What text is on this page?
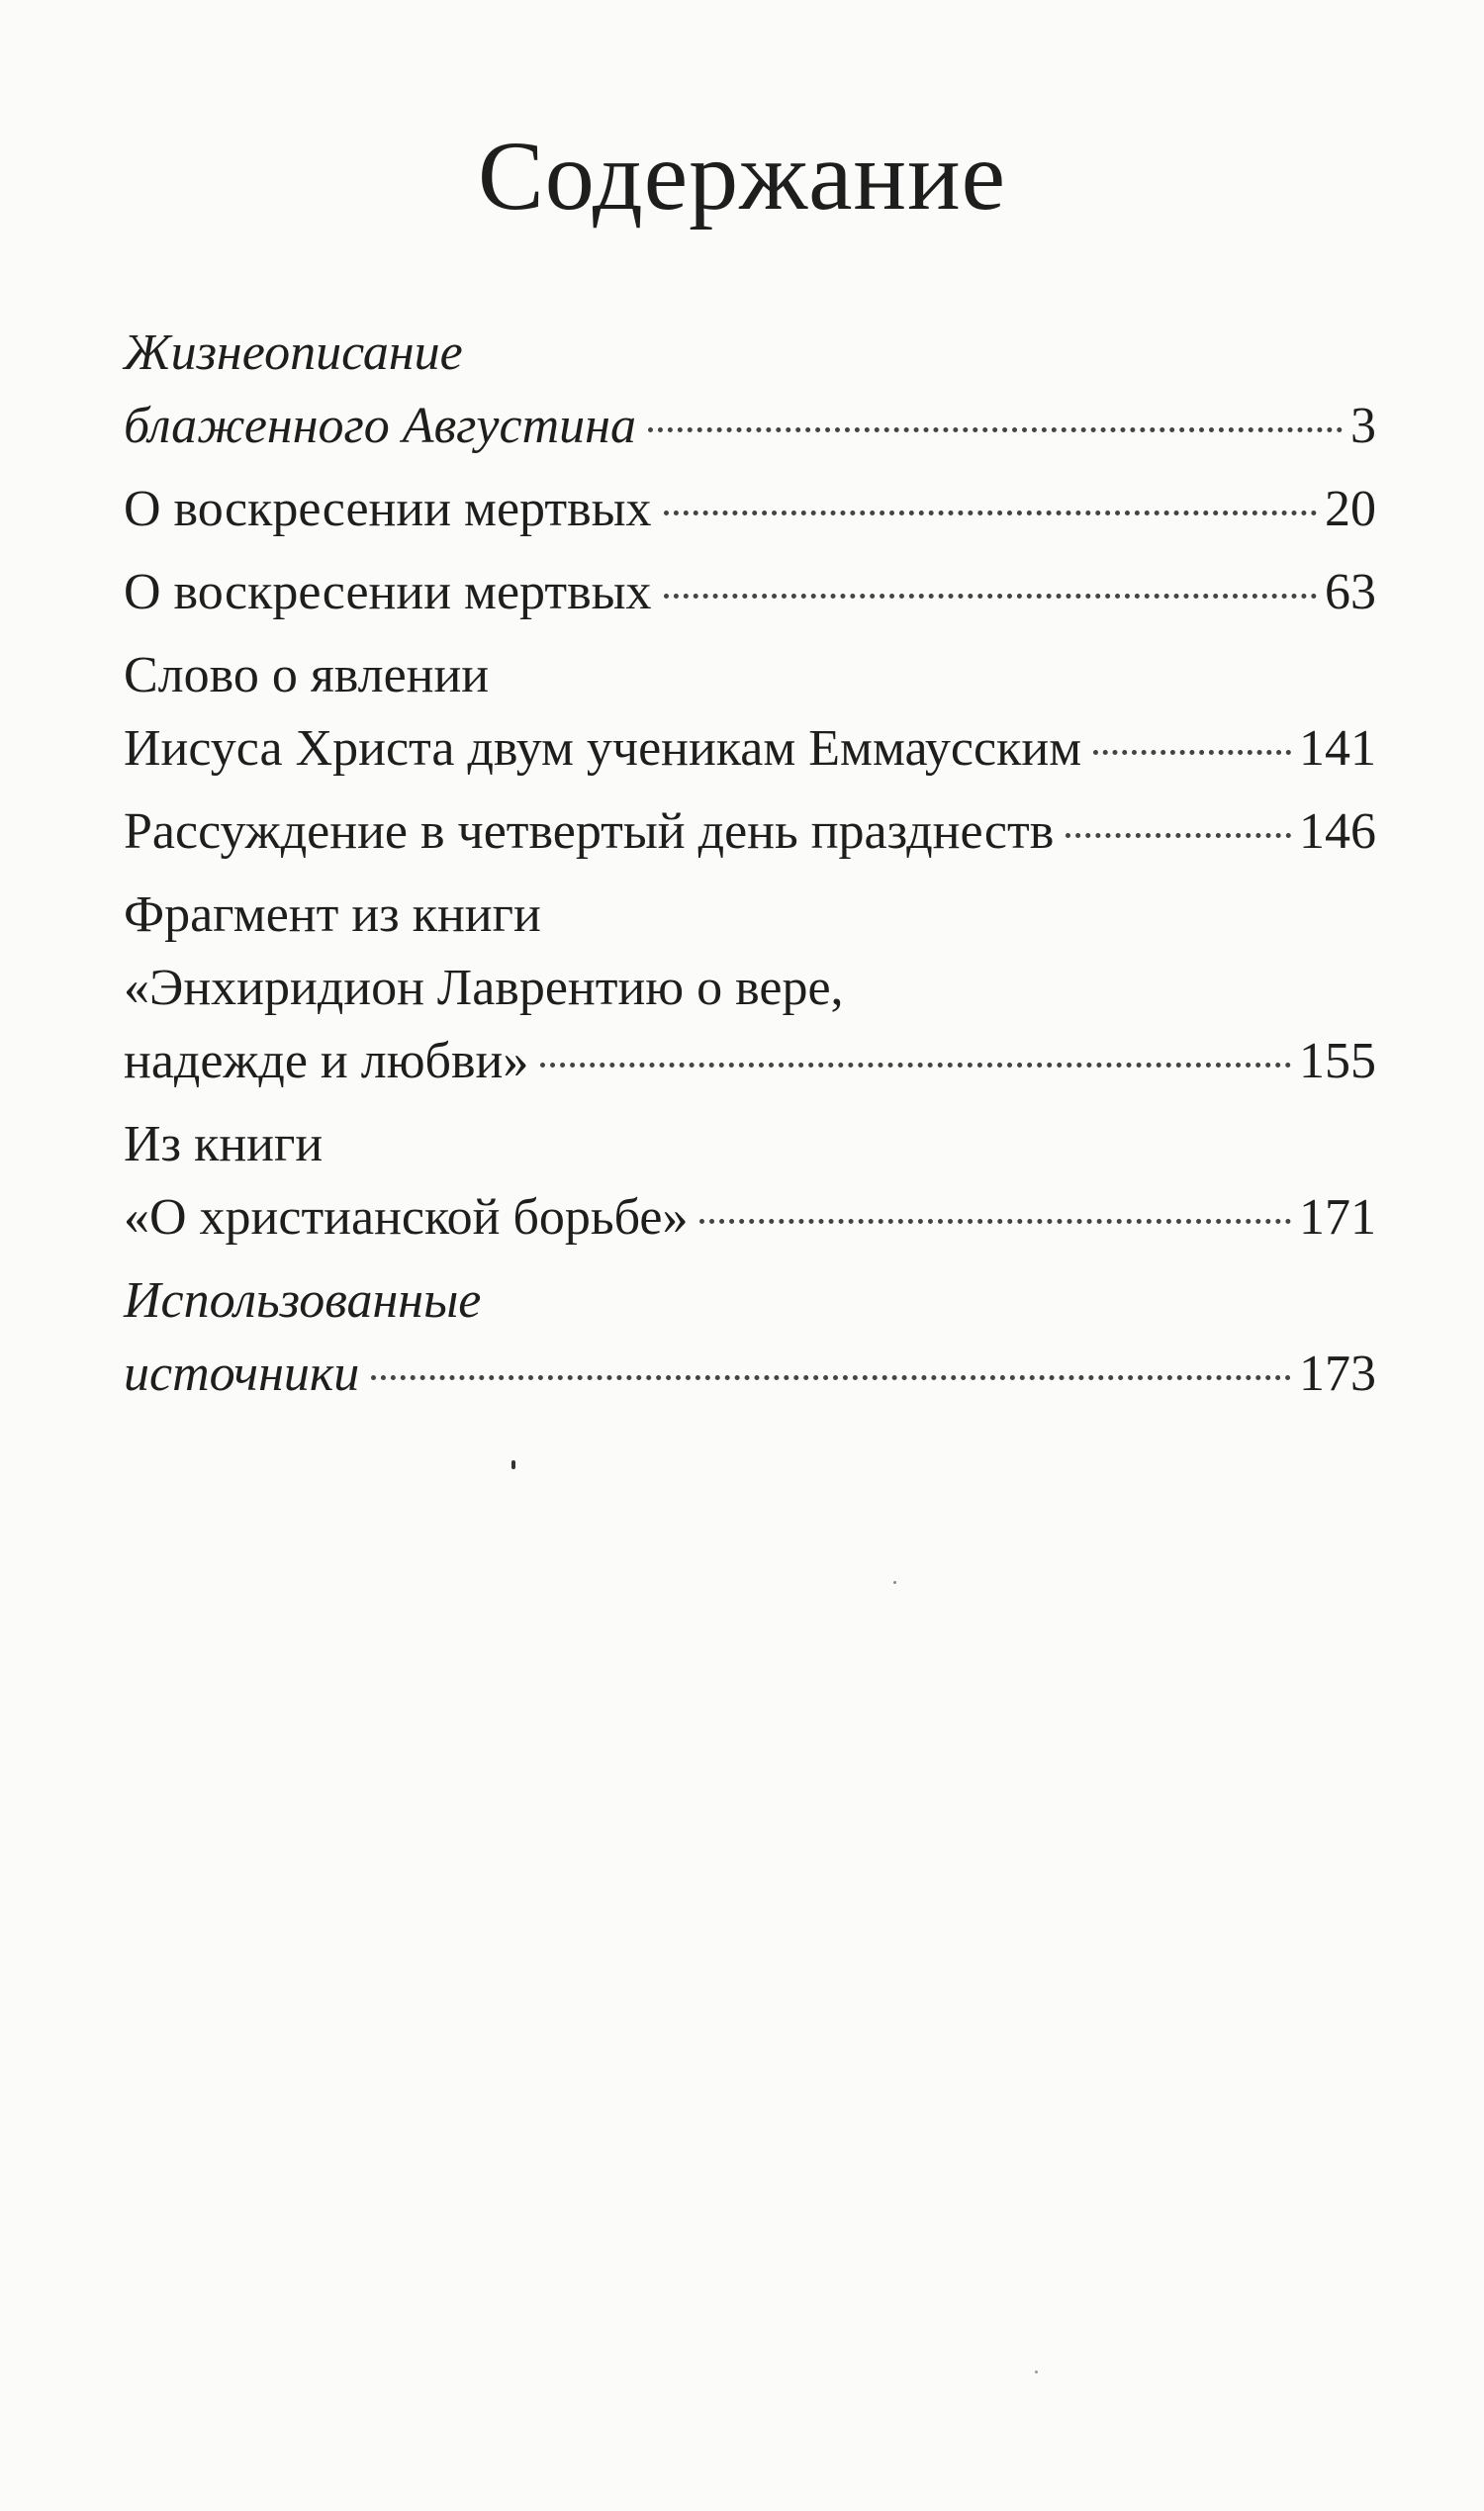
Содержание
Жизнеописание
блаженного Августина	3
О воскресении мертвых	20
О воскресении мертвых	63
Слово о явлении
Иисуса Христа двум ученикам Еммаусским	141
Рассуждение в четвертый день празднеств	146
Фрагмент из книги
«Энхиридион Лаврентию о вере,
надежде и любви»	155
Из книги
«О христианской борьбе»	171
Использованные
источники	173
